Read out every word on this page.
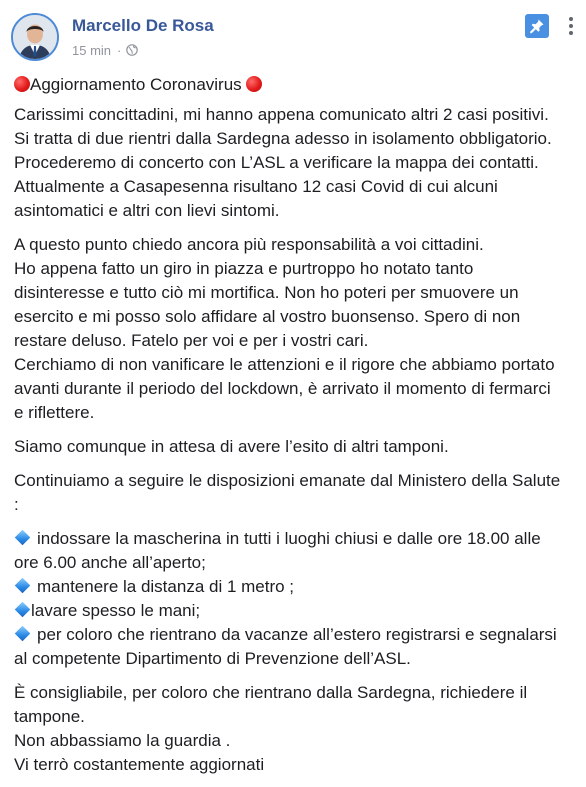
Marcello De Rosa
15 min ·

Aggiornamento Coronavirus

Carissimi concittadini, mi hanno appena comunicato altri 2 casi positivi.
Si tratta di due rientri dalla Sardegna adesso in isolamento obbligatorio.
Procederemo di concerto con L’ASL a verificare la mappa dei contatti.
Attualmente a Casapesenna risultano 12 casi Covid di cui alcuni
asintomatici e altri con lievi sintomi.

A questo punto chiedo ancora più responsabilità a voi cittadini.
Ho appena fatto un giro in piazza e purtroppo ho notato tanto
disinteresse e tutto ciò mi mortifica. Non ho poteri per smuovere un
esercito e mi posso solo affidare al vostro buonsenso. Spero di non
restare deluso. Fatelo per voi e per i vostri cari.
Cerchiamo di non vanificare le attenzioni e il rigore che abbiamo portato
avanti durante il periodo del lockdown, è arrivato il momento di fermarci
e riflettere.

Siamo comunque in attesa di avere l’esito di altri tamponi.

Continuiamo a seguire le disposizioni emanate dal Ministero della Salute
:

indossare la mascherina in tutti i luoghi chiusi e dalle ore 18.00 alle
ore 6.00 anche all’aperto;
mantenere la distanza di 1 metro ;
lavare spesso le mani;
per coloro che rientrano da vacanze all’estero registrarsi e segnalarsi
al competente Dipartimento di Prevenzione dell’ASL.

È consigliabile, per coloro che rientrano dalla Sardegna, richiedere il
tampone.
Non abbassiamo la guardia .
Vi terrò costantemente aggiornati
